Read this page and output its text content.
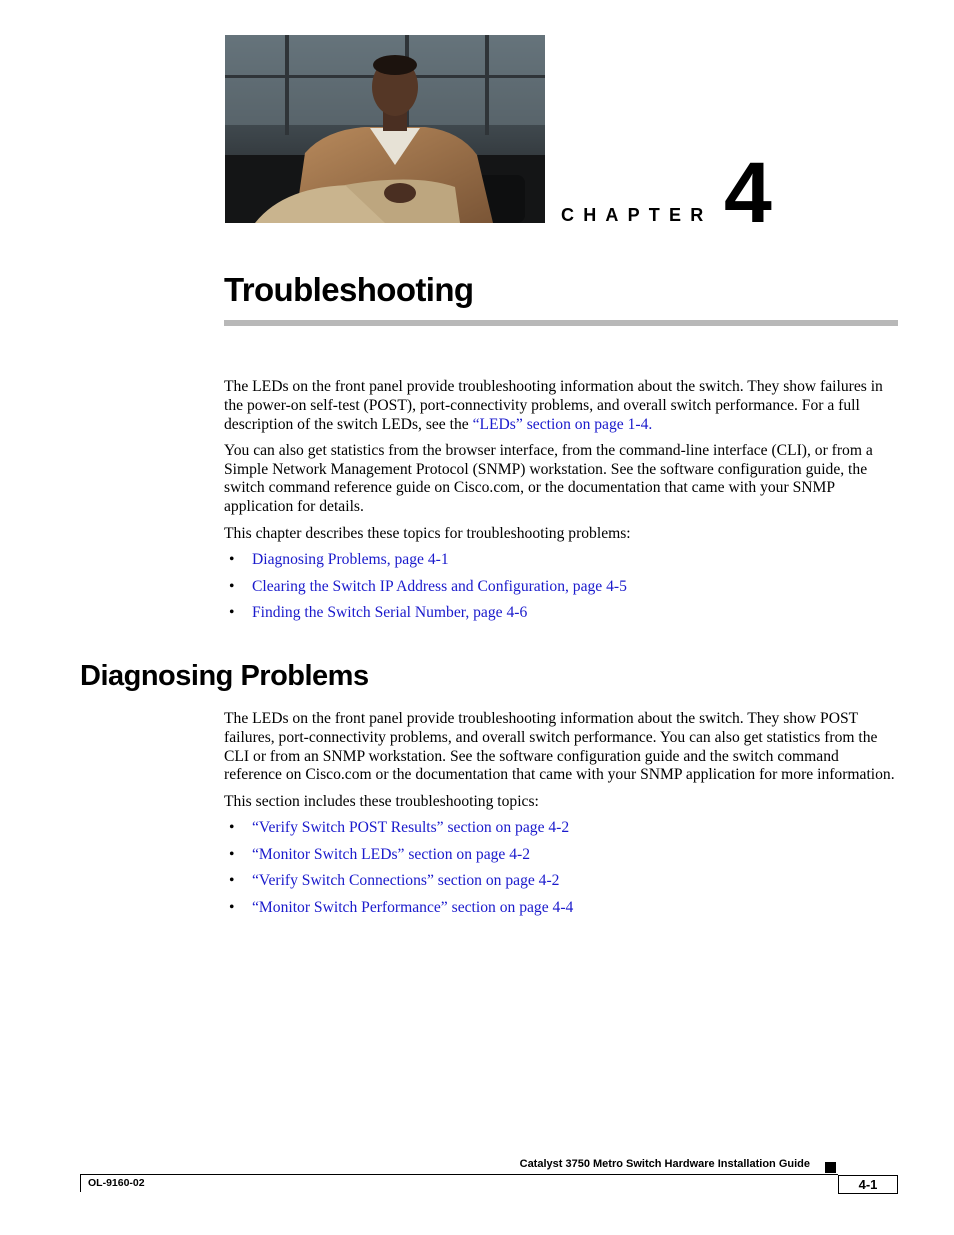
CHAPTER 4
Troubleshooting

The LEDs on the front panel provide troubleshooting information about the switch. They show failures in the power-on self-test (POST), port-connectivity problems, and overall switch performance. For a full description of the switch LEDs, see the “LEDs” section on page 1-4.

You can also get statistics from the browser interface, from the command-line interface (CLI), or from a Simple Network Management Protocol (SNMP) workstation. See the software configuration guide, the switch command reference guide on Cisco.com, or the documentation that came with your SNMP application for details.

This chapter describes these topics for troubleshooting problems:

• Diagnosing Problems, page 4-1
• Clearing the Switch IP Address and Configuration, page 4-5
• Finding the Switch Serial Number, page 4-6
Diagnosing Problems

The LEDs on the front panel provide troubleshooting information about the switch. They show POST failures, port-connectivity problems, and overall switch performance. You can also get statistics from the CLI or from an SNMP workstation. See the software configuration guide and the switch command reference on Cisco.com or the documentation that came with your SNMP application for more information.

This section includes these troubleshooting topics:

• “Verify Switch POST Results” section on page 4-2
• “Monitor Switch LEDs” section on page 4-2
• “Verify Switch Connections” section on page 4-2
• “Monitor Switch Performance” section on page 4-4
Catalyst 3750 Metro Switch Hardware Installation Guide
OL-9160-02	4-1
